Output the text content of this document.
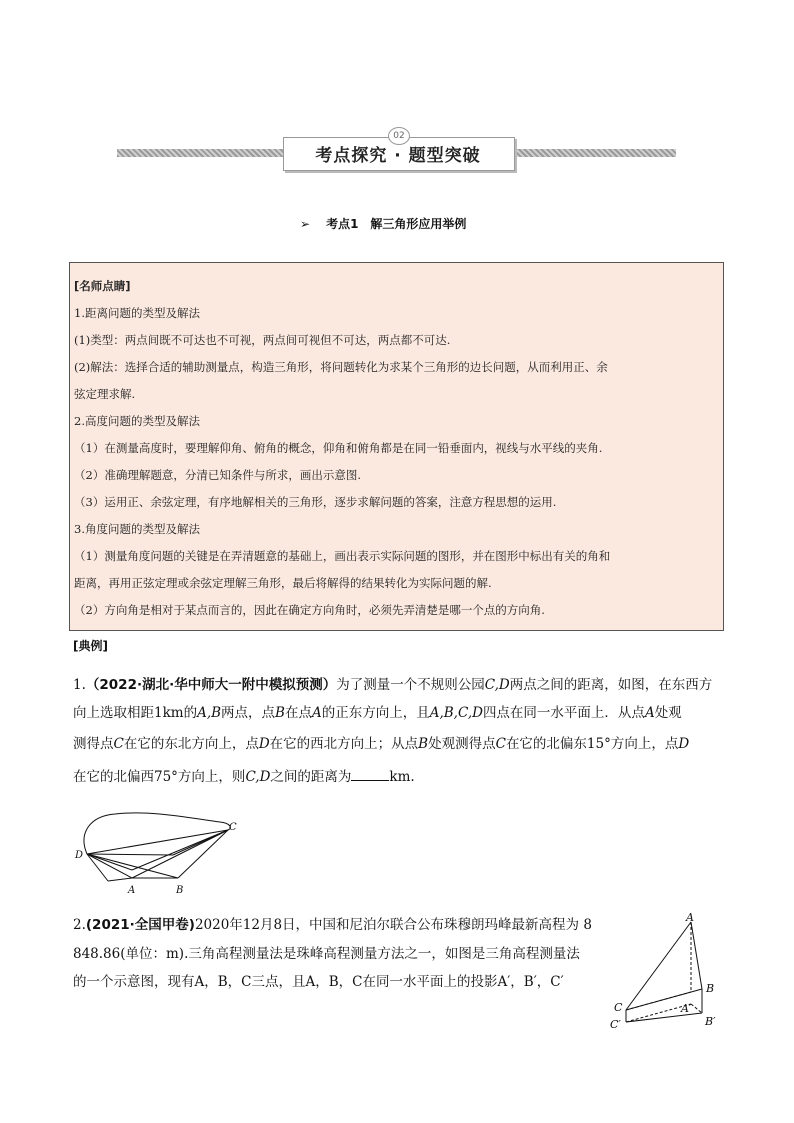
考点探究 · 题型突破
02
➢ 考点1　解三角形应用举例
[名师点睛]
1.距离问题的类型及解法
(1)类型：两点间既不可达也不可视，两点间可视但不可达，两点都不可达.
(2)解法：选择合适的辅助测量点，构造三角形，将问题转化为求某个三角形的边长问题，从而利用正、余
弦定理求解.
2.高度问题的类型及解法
（1）在测量高度时，要理解仰角、俯角的概念，仰角和俯角都是在同一铅垂面内，视线与水平线的夹角.
（2）准确理解题意，分清已知条件与所求，画出示意图.
（3）运用正、余弦定理，有序地解相关的三角形，逐步求解问题的答案，注意方程思想的运用.
3.角度问题的类型及解法
（1）测量角度问题的关键是在弄清题意的基础上，画出表示实际问题的图形，并在图形中标出有关的角和
距离，再用正弦定理或余弦定理解三角形，最后将解得的结果转化为实际问题的解.
（2）方向角是相对于某点而言的，因此在确定方向角时，必须先弄清楚是哪一个点的方向角.
[典例]
1.（2022·湖北·华中师大一附中模拟预测）为了测量一个不规则公园C,D两点之间的距离，如图，在东西方
向上选取相距1km的A,B两点，点B在点A的正东方向上，且A,B,C,D四点在同一水平面上．从点A处观
测得点C在它的东北方向上，点D在它的西北方向上；从点B处观测得点C在它的北偏东15°方向上，点D
在它的北偏西75°方向上，则C,D之间的距离为	km.
C
D
A	B
2.(2021·全国甲卷)2020年12月8日，中国和尼泊尔联合公布珠穆朗玛峰最新高程为 8
848.86(单位：m).三角高程测量法是珠峰高程测量方法之一，如图是三角高程测量法
的一个示意图，现有A，B，C三点，且A，B，C在同一水平面上的投影A′，B′，C′
A
B
C	A′
B′
C′
